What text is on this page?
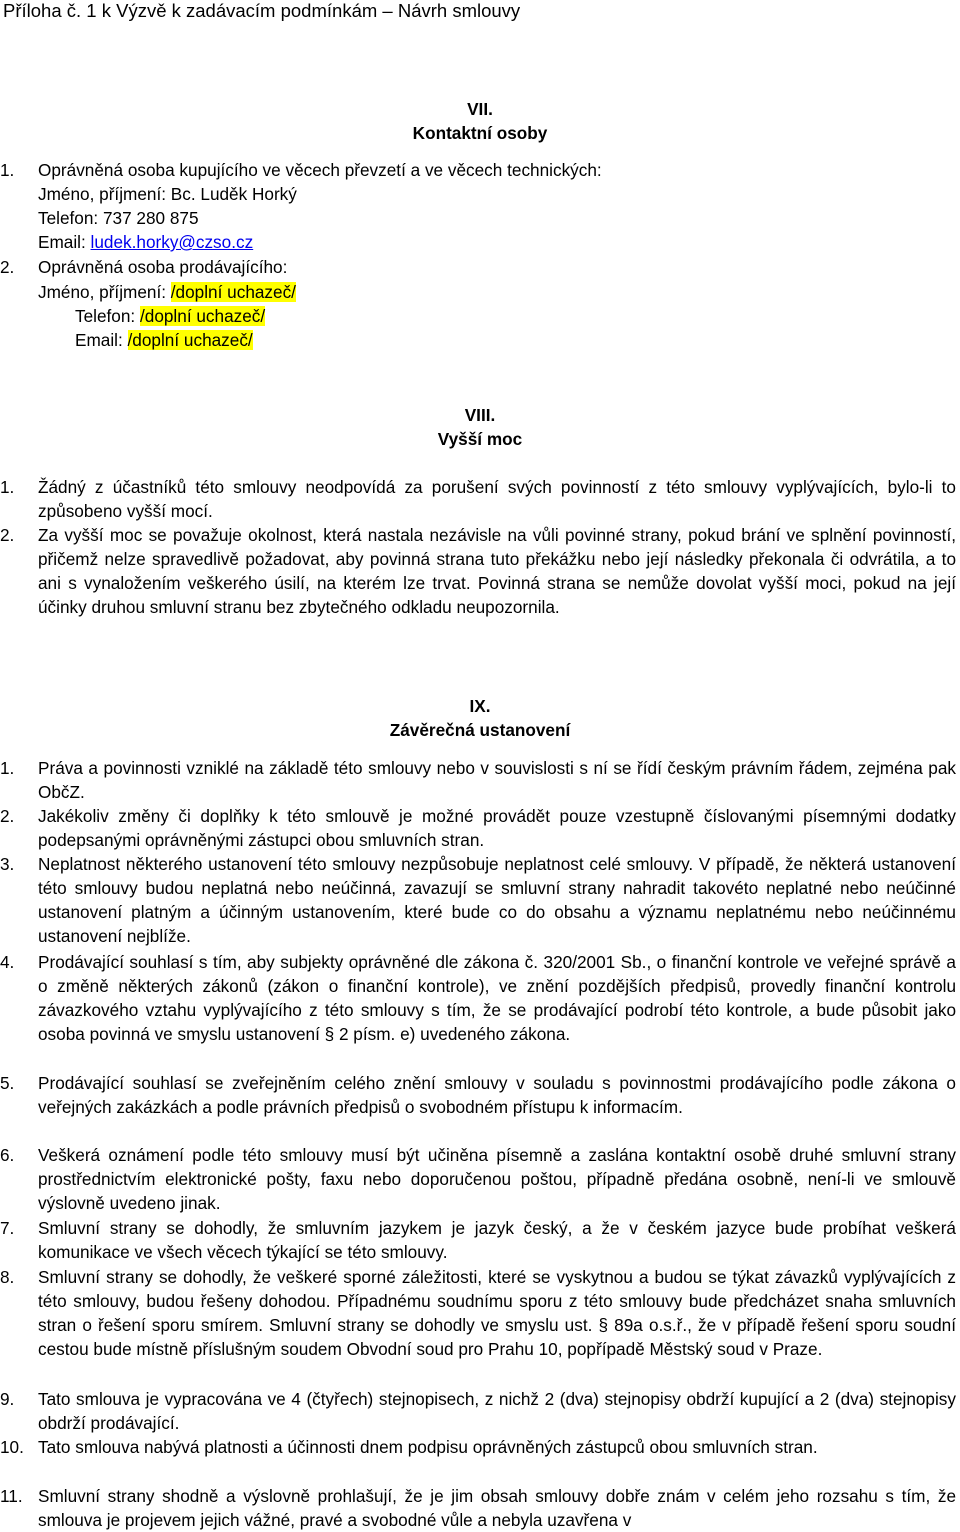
Příloha č. 1 k Výzvě k zadávacím podmínkám – Návrh smlouvy
VII.
Kontaktní osoby
1. Oprávněná osoba kupujícího ve věcech převzetí a ve věcech technických:
Jméno, příjmení: Bc. Luděk Horký
Telefon: 737 280 875
Email: ludek.horky@czso.cz
2. Oprávněná osoba prodávajícího:
Jméno, příjmení: /doplní uchazeč/
Telefon: /doplní uchazeč/
Email: /doplní uchazeč/
VIII.
Vyšší moc
1. Žádný z účastníků této smlouvy neodpovídá za porušení svých povinností z této smlouvy vyplývajících, bylo-li to způsobeno vyšší mocí.
2. Za vyšší moc se považuje okolnost, která nastala nezávisle na vůli povinné strany, pokud brání ve splnění povinností, přičemž nelze spravedlivě požadovat, aby povinná strana tuto překážku nebo její následky překonala či odvrátila, a to ani s vynaložením veškerého úsilí, na kterém lze trvat. Povinná strana se nemůže dovolat vyšší moci, pokud na její účinky druhou smluvní stranu bez zbytečného odkladu neupozornila.
IX.
Závěrečná ustanovení
1. Práva a povinnosti vzniklé na základě této smlouvy nebo v souvislosti s ní se řídí českým právním řádem, zejména pak ObčZ.
2. Jakékoliv změny či doplňky k této smlouvě je možné provádět pouze vzestupně číslovanými písemnými dodatky podepsanými oprávněnými zástupci obou smluvních stran.
3. Neplatnost některého ustanovení této smlouvy nezpůsobuje neplatnost celé smlouvy. V případě, že některá ustanovení této smlouvy budou neplatná nebo neúčinná, zavazují se smluvní strany nahradit takovéto neplatné nebo neúčinné ustanovení platným a účinným ustanovením, které bude co do obsahu a významu neplatnému nebo neúčinnému ustanovení nejblíže.
4. Prodávající souhlasí s tím, aby subjekty oprávněné dle zákona č. 320/2001 Sb., o finanční kontrole ve veřejné správě a o změně některých zákonů (zákon o finanční kontrole), ve znění pozdějších předpisů, provedly finanční kontrolu závazkového vztahu vyplývajícího z této smlouvy s tím, že se prodávající podrobí této kontrole, a bude působit jako osoba povinná ve smyslu ustanovení § 2 písm. e) uvedeného zákona.
5. Prodávající souhlasí se zveřejněním celého znění smlouvy v souladu s povinnostmi prodávajícího podle zákona o veřejných zakázkách a podle právních předpisů o svobodném přístupu k informacím.
6. Veškerá oznámení podle této smlouvy musí být učiněna písemně a zaslána kontaktní osobě druhé smluvní strany prostřednictvím elektronické pošty, faxu nebo doporučenou poštou, případně předána osobně, není-li ve smlouvě výslovně uvedeno jinak.
7. Smluvní strany se dohodly, že smluvním jazykem je jazyk český, a že v českém jazyce bude probíhat veškerá komunikace ve všech věcech týkající se této smlouvy.
8. Smluvní strany se dohodly, že veškeré sporné záležitosti, které se vyskytnou a budou se týkat závazků vyplývajících z této smlouvy, budou řešeny dohodou. Případnému soudnímu sporu z této smlouvy bude předcházet snaha smluvních stran o řešení sporu smírem. Smluvní strany se dohodly ve smyslu ust. § 89a o.s.ř., že v případě řešení sporu soudní cestou bude místně příslušným soudem Obvodní soud pro Prahu 10, popřípadě Městský soud v Praze.
9. Tato smlouva je vypracována ve 4 (čtyřech) stejnopisech, z nichž 2 (dva) stejnopisy obdrží kupující a 2 (dva) stejnopisy obdrží prodávající.
10. Tato smlouva nabývá platnosti a účinnosti dnem podpisu oprávněných zástupců obou smluvních stran.
11. Smluvní strany shodně a výslovně prohlašují, že je jim obsah smlouvy dobře znám v celém jeho rozsahu s tím, že smlouva je projevem jejich vážné, pravé a svobodné vůle a nebyla uzavřena v
